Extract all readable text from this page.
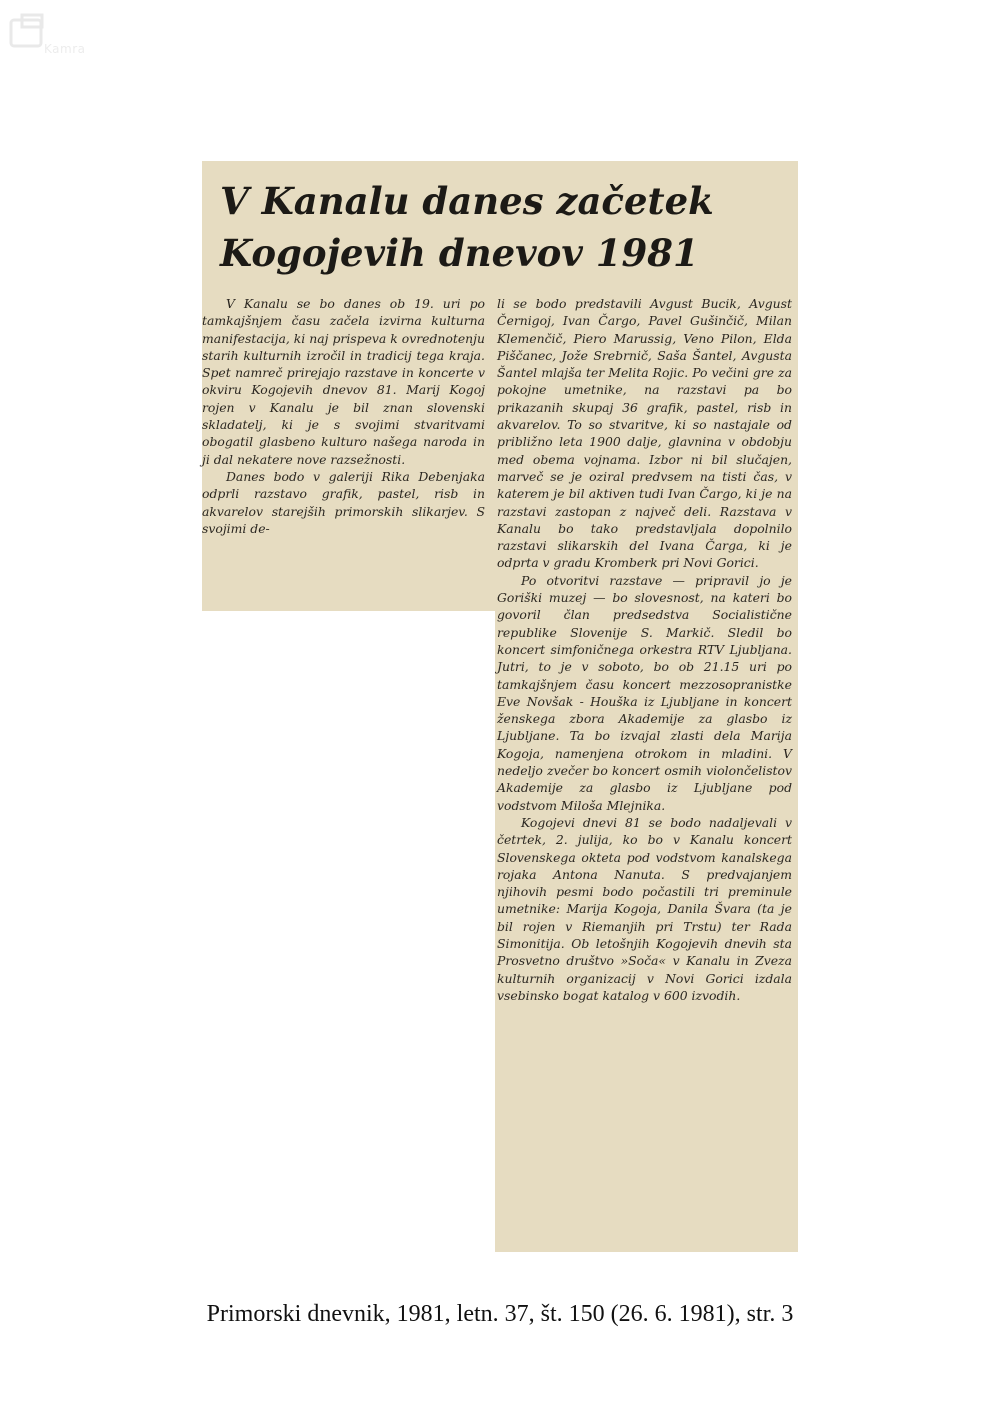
Kamra
V Kanalu danes začetek
Kogojevih dnevov 1981

V Kanalu se bo danes ob 19. uri po tamkajšnjem času začela izvirna kulturna manifestacija, ki naj prispeva k ovrednotenju starih kulturnih izročil in tradicij tega kraja. Spet namreč prirejajo razstave in koncerte v okviru Kogojevih dnevov 81. Marij Kogoj rojen v Kanalu je bil znan slovenski skladatelj, ki je s svojimi stvaritvami obogatil glasbeno kulturo našega naroda in ji dal nekatere nove razsežnosti.

Danes bodo v galeriji Rika Debenjaka odprli razstavo grafik, pastel, risb in akvarelov starejših primorskih slikarjev. S svojimi de-

li se bodo predstavili Avgust Bucik, Avgust Černigoj, Ivan Čargo, Pavel Gušinčič, Milan Klemenčič, Piero Marussig, Veno Pilon, Elda Piščanec, Jože Srebrnič, Saša Šantel, Avgusta Šantel mlajša ter Melita Rojic. Po večini gre za pokojne umetnike, na razstavi pa bo prikazanih skupaj 36 grafik, pastel, risb in akvarelov. To so stvaritve, ki so nastajale od približno leta 1900 dalje, glavnina v obdobju med obema vojnama. Izbor ni bil slučajen, marveč se je oziral predvsem na tisti čas, v katerem je bil aktiven tudi Ivan Čargo, ki je na razstavi zastopan z največ deli. Razstava v Kanalu bo tako predstavljala dopolnilo razstavi slikarskih del Ivana Čarga, ki je odprta v gradu Kromberk pri Novi Gorici.

Po otvoritvi razstave — pripravil jo je Goriški muzej — bo slovesnost, na kateri bo govoril član predsedstva Socialistične republike Slovenije S. Markič. Sledil bo koncert simfoničnega orkestra RTV Ljubljana. Jutri, to je v soboto, bo ob 21.15 uri po tamkajšnjem času koncert mezzosopranistke Eve Novšak - Houška iz Ljubljane in koncert ženskega zbora Akademije za glasbo iz Ljubljane. Ta bo izvajal zlasti dela Marija Kogoja, namenjena otrokom in mladini. V nedeljo zvečer bo koncert osmih violončelistov Akademije za glasbo iz Ljubljane pod vodstvom Miloša Mlejnika.

Kogojevi dnevi 81 se bodo nadaljevali v četrtek, 2. julija, ko bo v Kanalu koncert Slovenskega okteta pod vodstvom kanalskega rojaka Antona Nanuta. S predvajanjem njihovih pesmi bodo počastili tri preminule umetnike: Marija Kogoja, Danila Švara (ta je bil rojen v Riemanjih pri Trstu) ter Rada Simonitija. Ob letošnjih Kogojevih dnevih sta Prosvetno društvo »Soča« v Kanalu in Zveza kulturnih organizacij v Novi Gorici izdala vsebinsko bogat katalog v 600 izvodih.

Primorski dnevnik, 1981, letn. 37, št. 150 (26. 6. 1981), str. 3
